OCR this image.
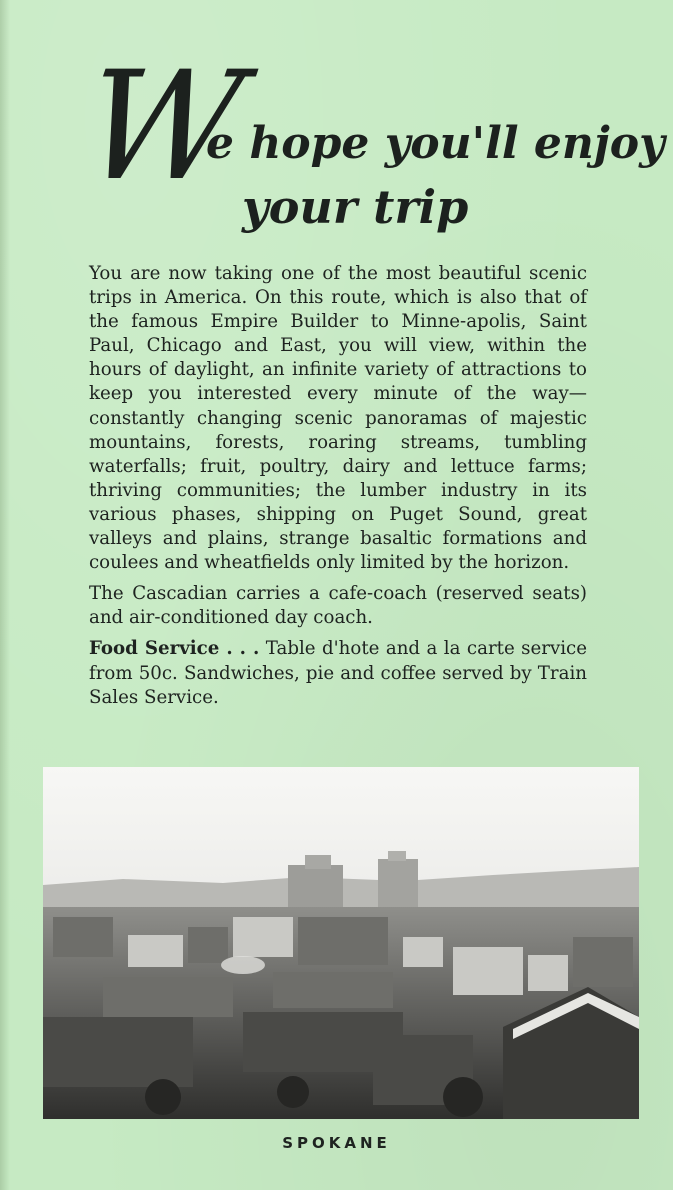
W
e hope you'll enjoy
your trip

You are now taking one of the most beautiful scenic trips in America. On this route, which is also that of the famous Empire Builder to Minne-apolis, Saint Paul, Chicago and East, you will view, within the hours of daylight, an infinite variety of attractions to keep you interested every minute of the way—constantly changing scenic panoramas of majestic mountains, forests, roaring streams, tumbling waterfalls; fruit, poultry, dairy and lettuce farms; thriving communities; the lumber industry in its various phases, shipping on Puget Sound, great valleys and plains, strange basaltic formations and coulees and wheatfields only limited by the horizon.

The Cascadian carries a cafe-coach (reserved seats) and air-conditioned day coach.

Food Service . . . Table d'hote and a la carte service from 50c. Sandwiches, pie and coffee served by Train Sales Service.

SPOKANE
